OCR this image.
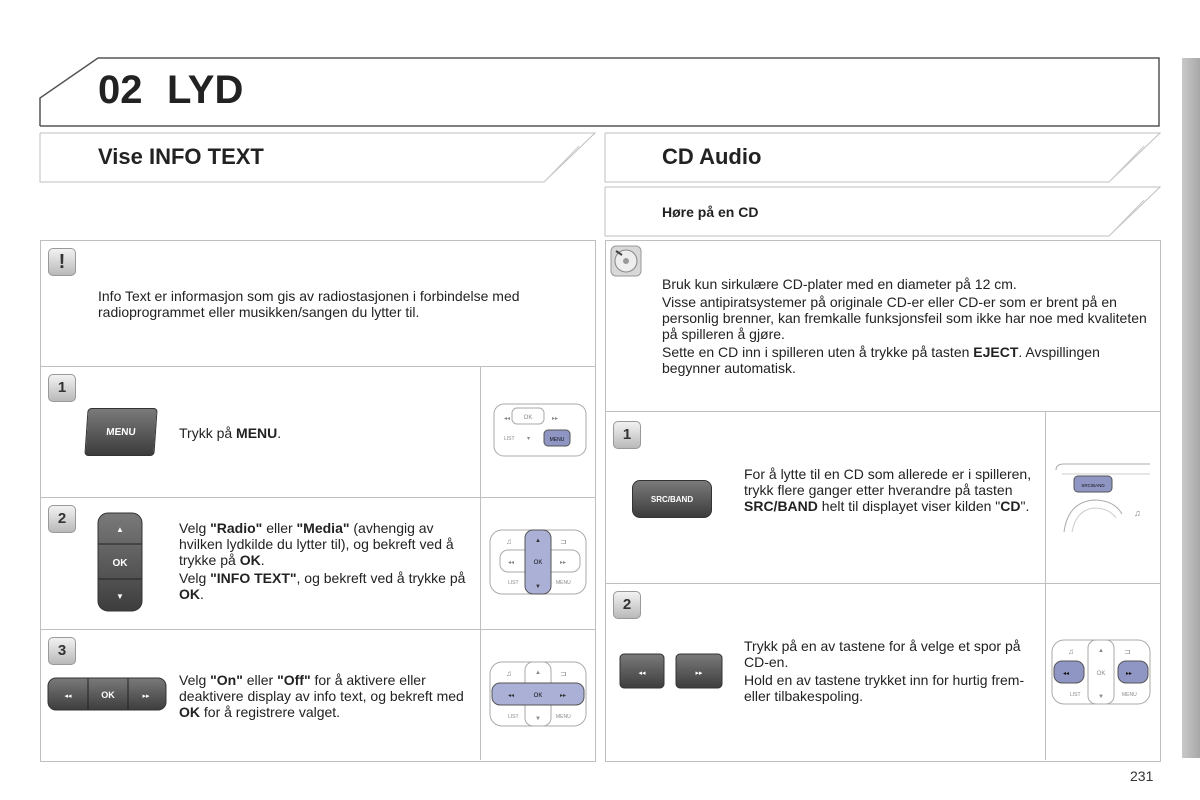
02 LYD
Vise INFO TEXT	CD Audio
Høre på en CD
!
Info Text er informasjon som gis av radiostasjonen i forbindelse med radioprogrammet eller musikken/sangen du lytter til.
1
MENU	Trykk på MENU.
OK
MENU
LIST
◂◂	▸▸
▾
2
▲
OK
▼

Velg "Radio" eller "Media" (avhengig av hvilken lydkilde du lytter til), og bekreft ved å trykke på OK.

Velg "INFO TEXT", og bekreft ved å trykke på OK.

OK
▲
▼
♫	⊐
◂◂	▸▸
LIST	MENU
3
◂◂	OK	▸▸
Velg "On" eller "Off" for å aktivere eller deaktivere display av info text, og bekreft med OK for å registrere valget.
OK
◂◂	▸▸
♫	⊐
▲
▼
LIST	MENU

Bruk kun sirkulære CD-plater med en diameter på 12 cm.

Visse antipiratsystemer på originale CD-er eller CD-er som er brent på en personlig brenner, kan fremkalle funksjonsfeil som ikke har noe med kvaliteten på spilleren å gjøre.

Sette en CD inn i spilleren uten å trykke på tasten EJECT. Avspillingen begynner automatisk.

1
SRC/BAND
For å lytte til en CD som allerede er i spilleren, trykk flere ganger etter hverandre på tasten SRC/BAND helt til displayet viser kilden "CD".
SRC/BAND
♫
2
◂◂	▸▸

Trykk på en av tastene for å velge et spor på CD-en.

Hold en av tastene trykket inn for hurtig frem- eller tilbakespoling.

OK
◂◂	▸▸
♫	⊐
▲
▼
LIST	MENU
231
